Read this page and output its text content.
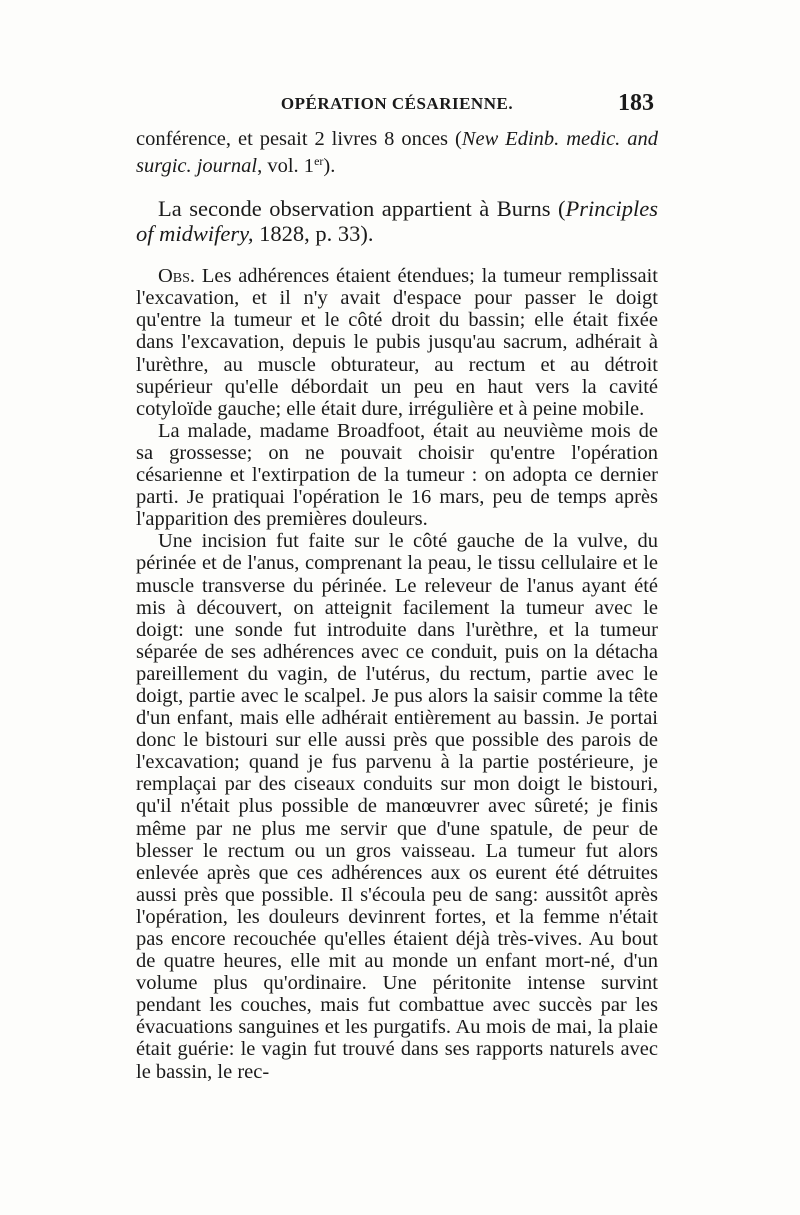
OPÉRATION CÉSARIENNE.	183

conférence, et pesait 2 livres 8 onces (New Edinb. medic. and surgic. journal, vol. 1er).

La seconde observation appartient à Burns (Principles of midwifery, 1828, p. 33).

Obs. Les adhérences étaient étendues; la tumeur remplissait l'excavation, et il n'y avait d'espace pour passer le doigt qu'entre la tumeur et le côté droit du bassin; elle était fixée dans l'excavation, depuis le pubis jusqu'au sacrum, adhérait à l'urèthre, au muscle obturateur, au rectum et au détroit supérieur qu'elle débordait un peu en haut vers la cavité cotyloïde gauche; elle était dure, irrégulière et à peine mobile.

La malade, madame Broadfoot, était au neuvième mois de sa grossesse; on ne pouvait choisir qu'entre l'opération césarienne et l'extirpation de la tumeur : on adopta ce dernier parti. Je pratiquai l'opération le 16 mars, peu de temps après l'apparition des premières douleurs.

Une incision fut faite sur le côté gauche de la vulve, du périnée et de l'anus, comprenant la peau, le tissu cellulaire et le muscle transverse du périnée. Le releveur de l'anus ayant été mis à découvert, on atteignit facilement la tumeur avec le doigt: une sonde fut introduite dans l'urèthre, et la tumeur séparée de ses adhérences avec ce conduit, puis on la détacha pareillement du vagin, de l'utérus, du rectum, partie avec le doigt, partie avec le scalpel. Je pus alors la saisir comme la tête d'un enfant, mais elle adhérait entièrement au bassin. Je portai donc le bistouri sur elle aussi près que possible des parois de l'excavation; quand je fus parvenu à la partie postérieure, je remplaçai par des ciseaux conduits sur mon doigt le bistouri, qu'il n'était plus possible de manœuvrer avec sûreté; je finis même par ne plus me servir que d'une spatule, de peur de blesser le rectum ou un gros vaisseau. La tumeur fut alors enlevée après que ces adhérences aux os eurent été détruites aussi près que possible. Il s'écoula peu de sang: aussitôt après l'opération, les douleurs devinrent fortes, et la femme n'était pas encore recouchée qu'elles étaient déjà très-vives. Au bout de quatre heures, elle mit au monde un enfant mort-né, d'un volume plus qu'ordinaire. Une péritonite intense survint pendant les couches, mais fut combattue avec succès par les évacuations sanguines et les purgatifs. Au mois de mai, la plaie était guérie: le vagin fut trouvé dans ses rapports naturels avec le bassin, le rec-
